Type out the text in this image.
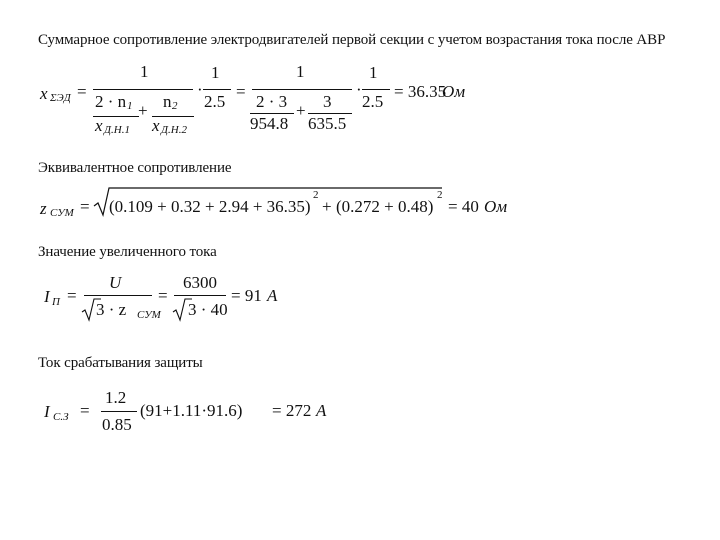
Суммарное сопротивление электродвигателей первой секции с учетом возрастания тока после АВР
Эквивалентное сопротивление
Значение увеличенного тока
Ток срабатывания защиты
x ΣЭД =
1
2 · n 1
x Д.Н.1
+ n 2
x Д.Н.2
·
1
2.5
=
1
2 · 3
954.8
+ 3
635.5
·
1
2.5
= 36.35
Ом
z СУМ = (0.109 + 0.32 + 2.94 + 36.35)
2
+ (0.272 + 0.48)
2
= 40 Ом
I П =
U
3 · z СУМ
=
6300
3 · 40
= 91 А
I С.З =
1.2
0.85
(91+1.11·91.6) = 272 А
